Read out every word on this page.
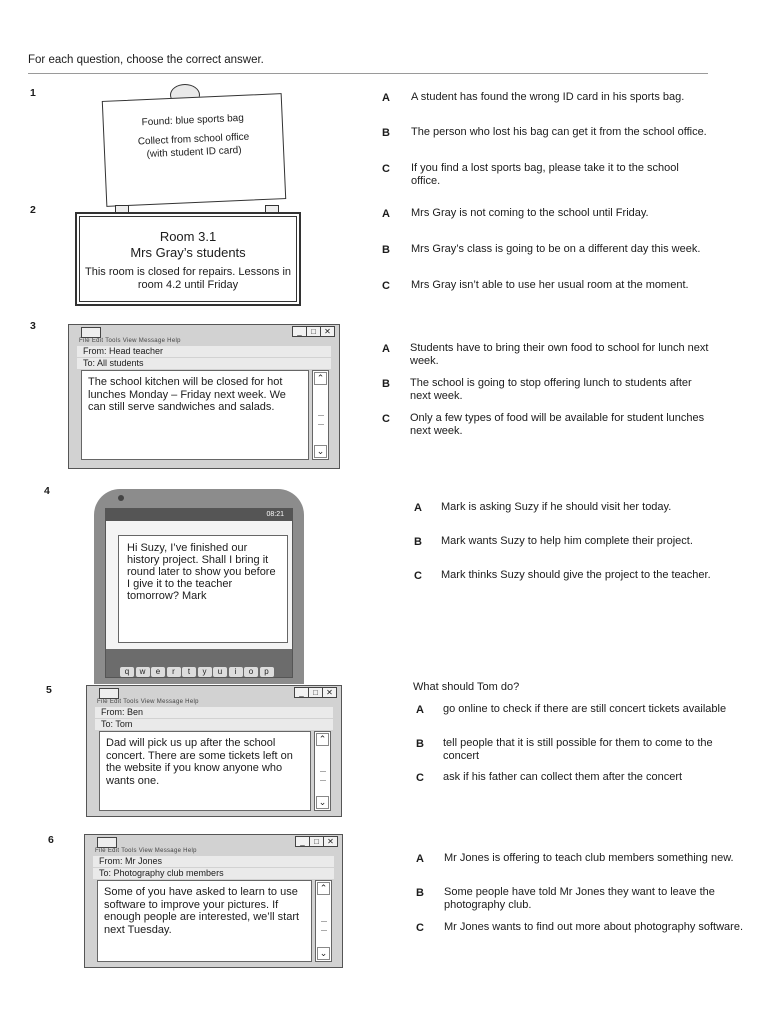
For each question, choose the correct answer.
1
Found: blue sports bag
Collect from school office
(with student ID card)
A A student has found the wrong ID card in his sports bag.
B The person who lost his bag can get it from the school office.
C If you find a lost sports bag, please take it to the school office.
2
Room 3.1
Mrs Gray’s students
This room is closed for repairs. Lessons in room 4.2 until Friday
A Mrs Gray is not coming to the school until Friday.
B Mrs Gray’s class is going to be on a different day this week.
C Mrs Gray isn’t able to use her usual room at the moment.
3	_	□	✕
File Edit Tools View Message Help
From: Head teacher
To: All students
The school kitchen will be closed for hot lunches Monday – Friday next week. We can still serve sandwiches and salads.
⌃
⌄
A Students have to bring their own food to school for lunch next week.
B The school is going to stop offering lunch to students after next week.
C Only a few types of food will be available for student lunches next week.
4
08:21
Hi Suzy, I’ve finished our history project. Shall I bring it round later to show you before I give it to the teacher tomorrow? Mark
q w e r t y u i o p
A Mark is asking Suzy if he should visit her today.
B Mark wants Suzy to help him complete their project.
C Mark thinks Suzy should give the project to the teacher.
5	_	□	✕
File Edit Tools View Message Help
From: Ben
To: Tom
Dad will pick us up after the school concert. There are some tickets left on the website if you know anyone who wants one.
⌃
⌄
What should Tom do?
A go online to check if there are still concert tickets available
B tell people that it is still possible for them to come to the concert
C ask if his father can collect them after the concert
6	_	□	✕
File Edit Tools View Message Help
From: Mr Jones
To: Photography club members
Some of you have asked to learn to use software to improve your pictures. If enough people are interested, we’ll start next Tuesday.
⌃
⌄
A Mr Jones is offering to teach club members something new.
B Some people have told Mr Jones they want to leave the photography club.
C Mr Jones wants to find out more about photography software.
